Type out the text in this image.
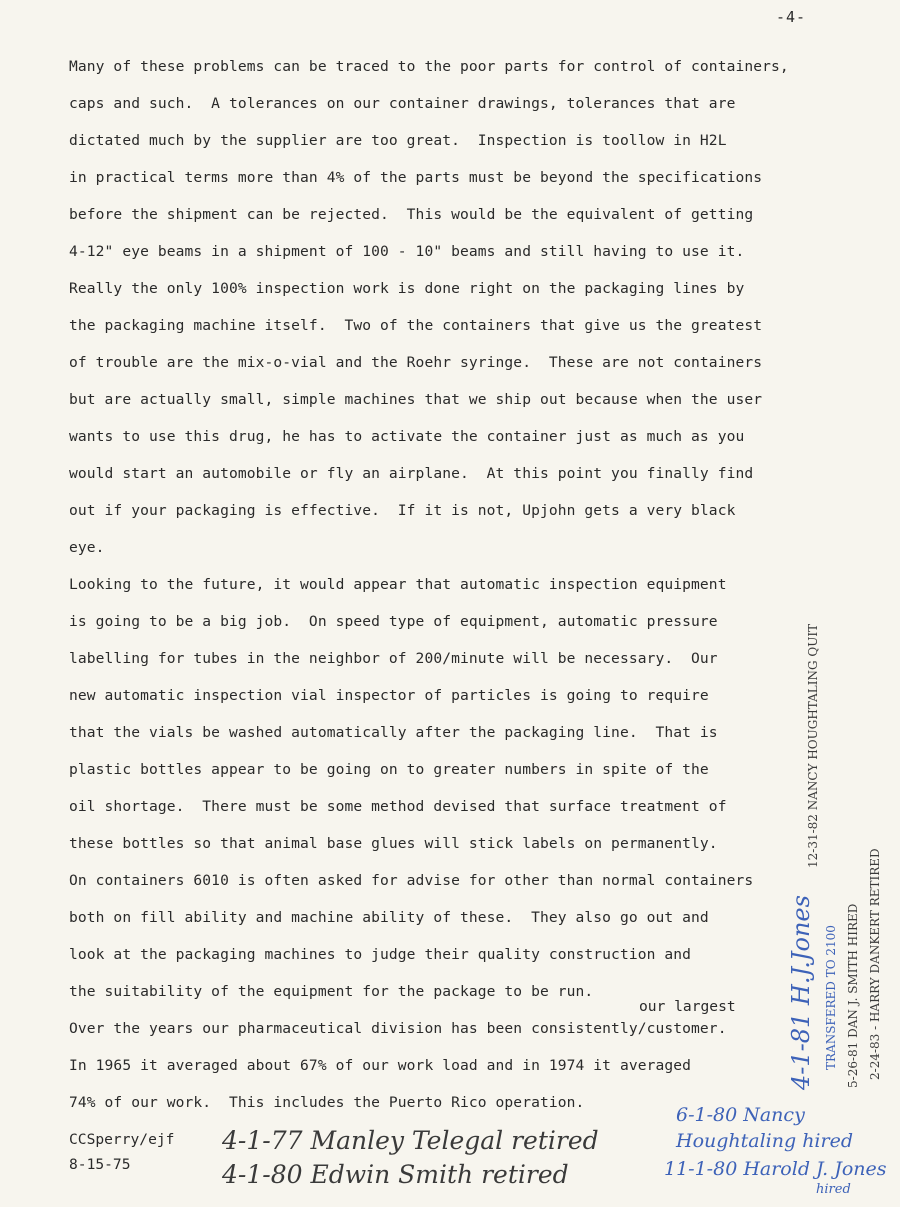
-4-
Many of these problems can be traced to the poor parts for control of containers,
caps and such.  A tolerances on our container drawings, tolerances that are
dictated much by the supplier are too great.  Inspection is toollow in H2L
in practical terms more than 4% of the parts must be beyond the specifications
before the shipment can be rejected.  This would be the equivalent of getting
4-12" eye beams in a shipment of 100 - 10" beams and still having to use it.
Really the only 100% inspection work is done right on the packaging lines by
the packaging machine itself.  Two of the containers that give us the greatest
of trouble are the mix-o-vial and the Roehr syringe.  These are not containers
but are actually small, simple machines that we ship out because when the user
wants to use this drug, he has to activate the container just as much as you
would start an automobile or fly an airplane.  At this point you finally find
out if your packaging is effective.  If it is not, Upjohn gets a very black
eye.
Looking to the future, it would appear that automatic inspection equipment
is going to be a big job.  On speed type of equipment, automatic pressure
labelling for tubes in the neighbor of 200/minute will be necessary.  Our
new automatic inspection vial inspector of particles is going to require
that the vials be washed automatically after the packaging line.  That is
plastic bottles appear to be going on to greater numbers in spite of the
oil shortage.  There must be some method devised that surface treatment of
these bottles so that animal base glues will stick labels on permanently.
On containers 6010 is often asked for advise for other than normal containers
both on fill ability and machine ability of these.  They also go out and
look at the packaging machines to judge their quality construction and
the suitability of the equipment for the package to be run.
Over the years our pharmaceutical division has been consistently/customer.
In 1965 it averaged about 67% of our work load and in 1974 it averaged
74% of our work.  This includes the Puerto Rico operation.
our largest
CCSperry/ejf
8-15-75
4-1-77 Manley Telegal retired
4-1-80 Edwin Smith retired
6-1-80 Nancy
Houghtaling hired
11-1-80 Harold J. Jones
hired
4-1-81 H.J.Jones TRANSFERED TO 2100
12-31-82 NANCY HOUGHTALING QUIT
5-26-81 DAN J. SMITH HIRED 2-24-83 - HARRY DANKERT RETIRED
